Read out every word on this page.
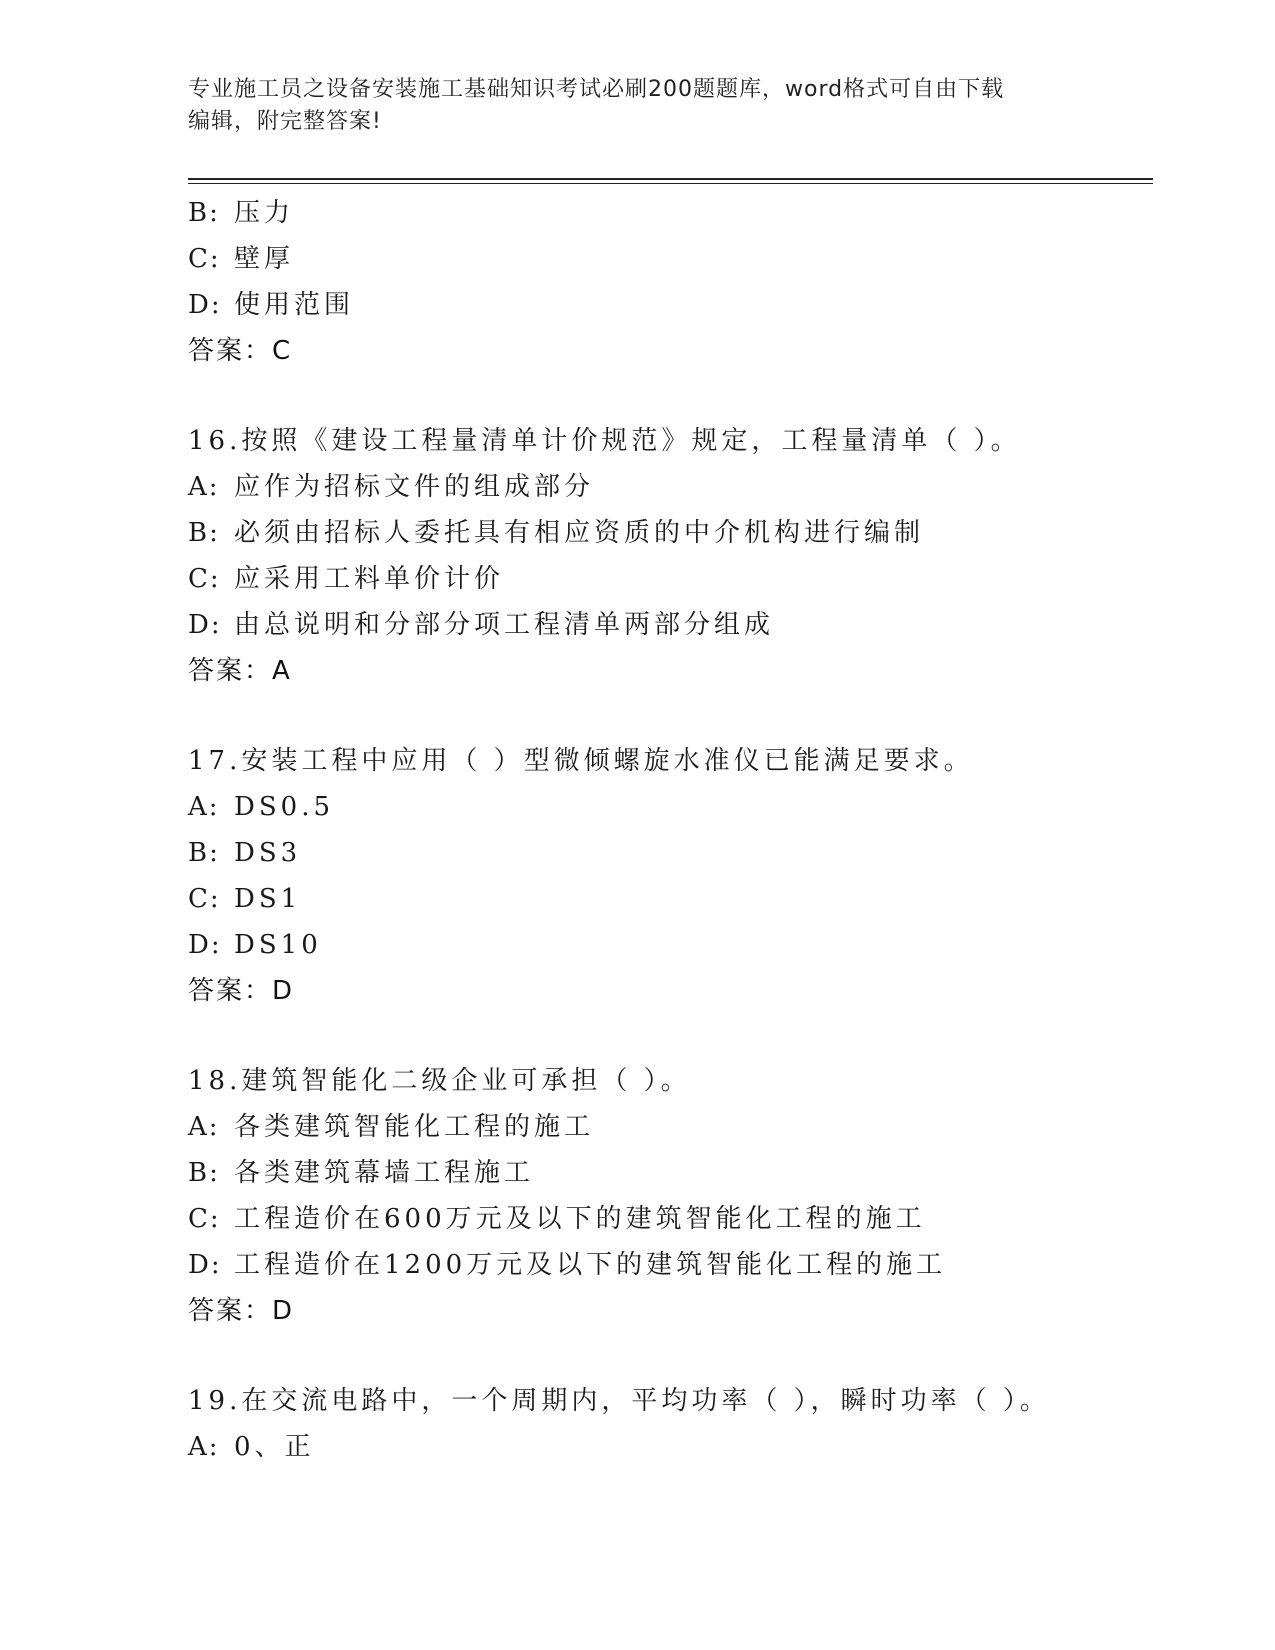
专业施工员之设备安装施工基础知识考试必刷200题题库，word格式可自由下载
编辑，附完整答案!
B: 压力
C: 壁厚
D: 使用范围
答案：C
16.按照《建设工程量清单计价规范》规定，工程量清单（ ）。
A: 应作为招标文件的组成部分
B: 必须由招标人委托具有相应资质的中介机构进行编制
C: 应采用工料单价计价
D: 由总说明和分部分项工程清单两部分组成
答案：A
17.安装工程中应用（ ）型微倾螺旋水准仪已能满足要求。
A: DS0.5
B: DS3
C: DS1
D: DS10
答案：D
18.建筑智能化二级企业可承担（ ）。
A: 各类建筑智能化工程的施工
B: 各类建筑幕墙工程施工
C: 工程造价在600万元及以下的建筑智能化工程的施工
D: 工程造价在1200万元及以下的建筑智能化工程的施工
答案：D
19.在交流电路中，一个周期内，平均功率（ ），瞬时功率（ ）。
A: 0、正
